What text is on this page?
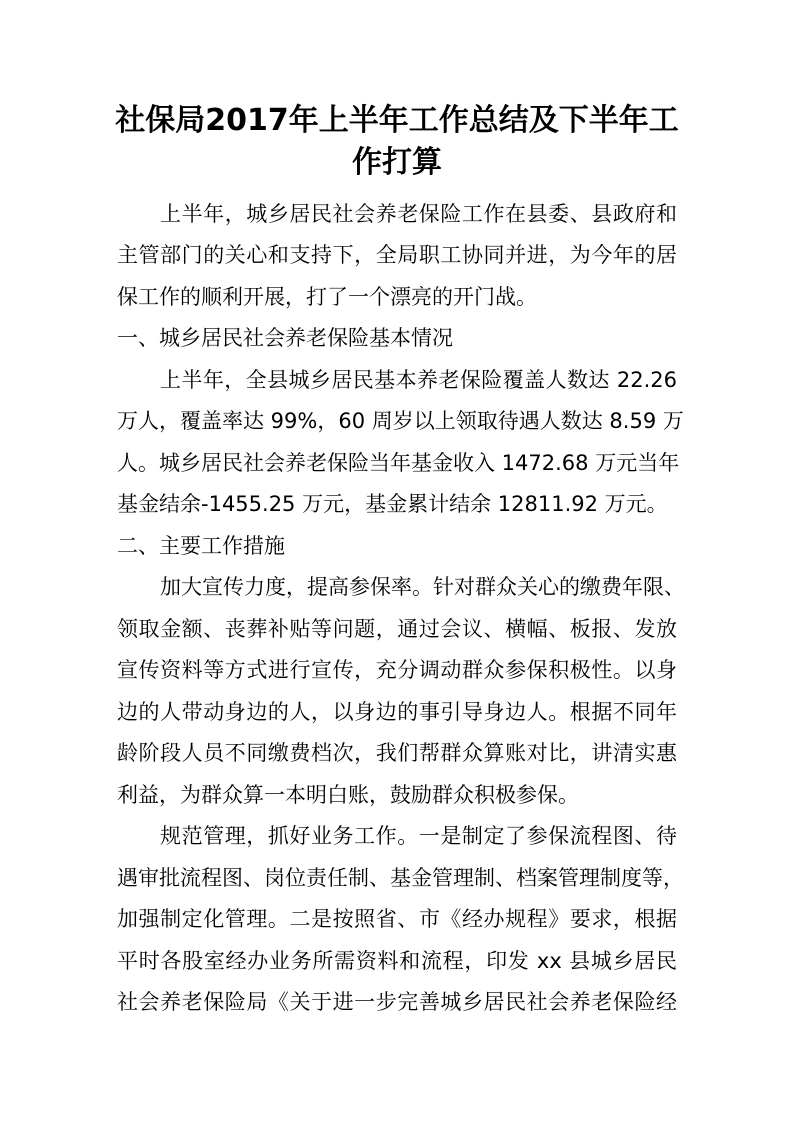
社保局2017年上半年工作总结及下半年工
作打算

上半年，城乡居民社会养老保险工作在县委、县政府和

主管部门的关心和支持下，全局职工协同并进，为今年的居

保工作的顺利开展，打了一个漂亮的开门战。

一、城乡居民社会养老保险基本情况

上半年，全县城乡居民基本养老保险覆盖人数达 22.26

万人，覆盖率达 99%，60 周岁以上领取待遇人数达 8.59 万

人。城乡居民社会养老保险当年基金收入 1472.68 万元当年

基金结余-1455.25 万元，基金累计结余 12811.92 万元。

二、主要工作措施

加大宣传力度，提高参保率。针对群众关心的缴费年限、

领取金额、丧葬补贴等问题，通过会议、横幅、板报、发放

宣传资料等方式进行宣传，充分调动群众参保积极性。以身

边的人带动身边的人，以身边的事引导身边人。根据不同年

龄阶段人员不同缴费档次，我们帮群众算账对比，讲清实惠

利益，为群众算一本明白账，鼓励群众积极参保。

规范管理，抓好业务工作。一是制定了参保流程图、待

遇审批流程图、岗位责任制、基金管理制、档案管理制度等，

加强制定化管理。二是按照省、市《经办规程》要求，根据

平时各股室经办业务所需资料和流程，印发 xx 县城乡居民

社会养老保险局《关于进一步完善城乡居民社会养老保险经
